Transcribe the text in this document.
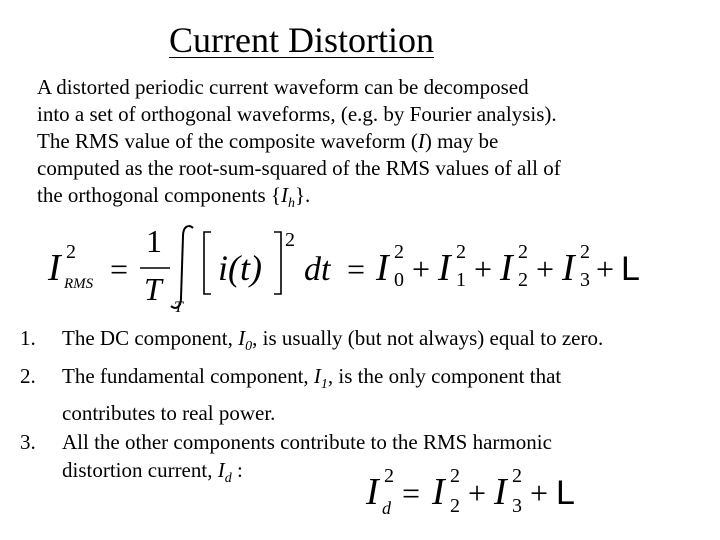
Current Distortion
A distorted periodic current waveform can be decomposed
into a set of orthogonal waveforms, (e.g. by Fourier analysis).
The RMS value of the composite waveform (I) may be
computed as the root-sum-squared of the RMS values of all of
the orthogonal components $\{I_h\}$.
I 2
RMS =
1
T
T
i(t)
2
dt = I 2
0 + I 2
1 + I 2
2 + I 2
3 + L
1.	The DC component, $I_0$, is usually (but not always) equal to zero.
2.	The fundamental component, $I_1$, is the only component that
contributes to real power.
3.	All the other components contribute to the RMS harmonic
distortion current, $I_d$ :
I 2
d = I 2
2 + I 2
3 + L
